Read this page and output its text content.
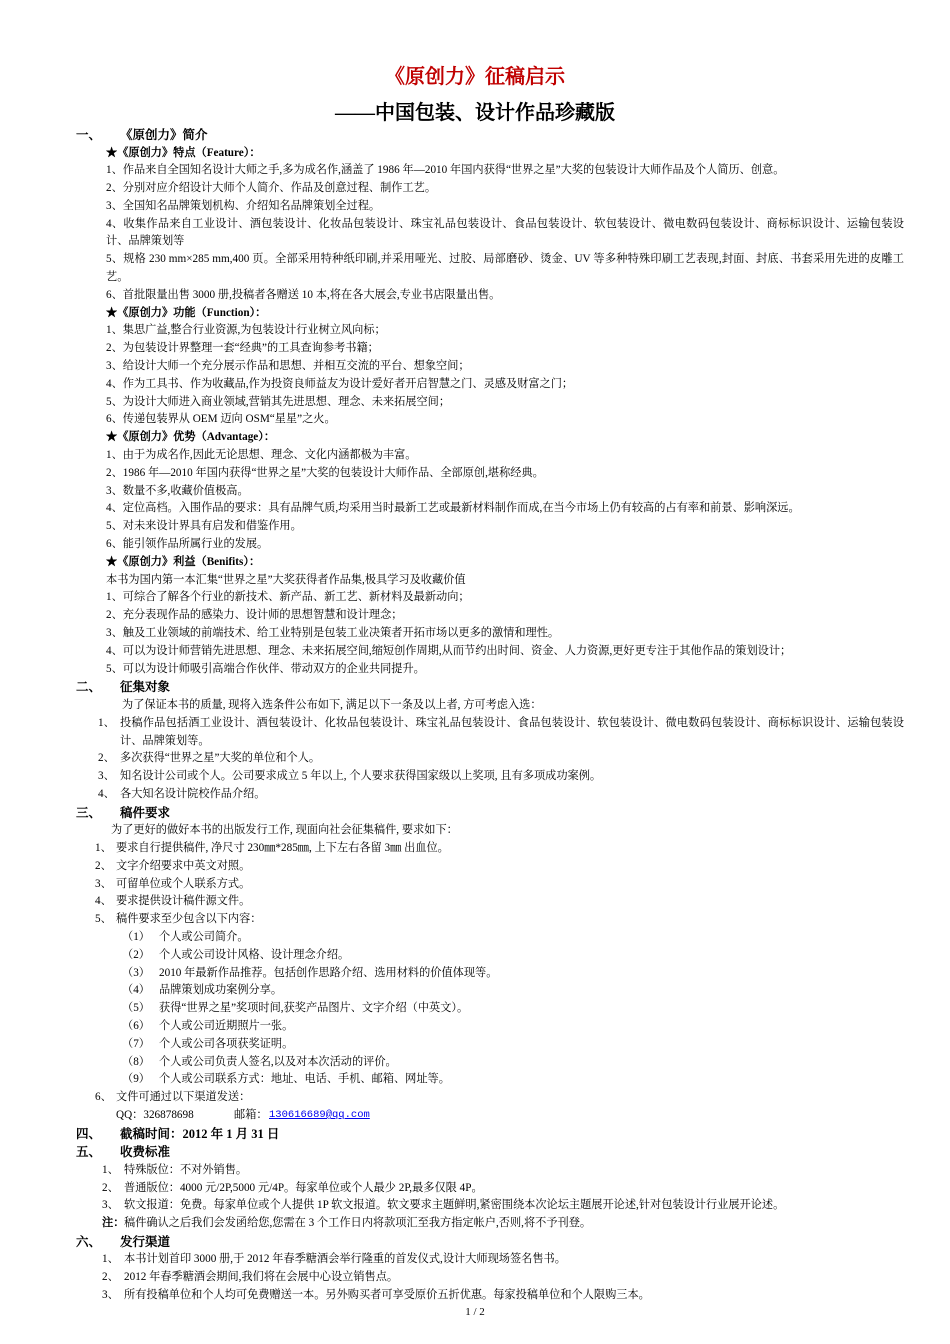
《原创力》征稿启示
——中国包装、设计作品珍藏版
一、 《原创力》简介
★《原创力》特点（Feature）：
1、作品来自全国知名设计大师之手,多为成名作,涵盖了 1986 年—2010 年国内获得“世界之星”大奖的包装设计大师作品及个人简历、创意。
2、分别对应介绍设计大师个人简介、作品及创意过程、制作工艺。
3、全国知名品牌策划机构、介绍知名品牌策划全过程。
4、收集作品来自工业设计、酒包装设计、化妆品包装设计、珠宝礼品包装设计、食品包装设计、软包装设计、微电数码包装设计、商标标识设计、运输包装设计、品牌策划等
5、规格 230 mm×285 mm,400 页。全部采用特种纸印刷,并采用哑光、过胶、局部磨砂、烫金、UV 等多种特殊印刷工艺表现,封面、封底、书套采用先进的皮雕工艺。
6、首批限量出售 3000 册,投稿者各赠送 10 本,将在各大展会,专业书店限量出售。
★《原创力》功能（Function）：
1、集思广益,整合行业资源,为包装设计行业树立风向标；
2、为包装设计界整理一套“经典”的工具查询参考书籍；
3、给设计大师一个充分展示作品和思想、并相互交流的平台、想象空间；
4、作为工具书、作为收藏品,作为投资良师益友为设计爱好者开启智慧之门、灵感及财富之门；
5、为设计大师进入商业领域,营销其先进思想、理念、未来拓展空间；
6、传递包装界从 OEM 迈向 OSM“星星”之火。
★《原创力》优势（Advantage）：
1、由于为成名作,因此无论思想、理念、文化内涵都极为丰富。
2、1986 年—2010 年国内获得“世界之星”大奖的包装设计大师作品、全部原创,堪称经典。
3、数量不多,收藏价值极高。
4、定位高档。入围作品的要求：具有品牌气质,均采用当时最新工艺或最新材料制作而成,在当今市场上仍有较高的占有率和前景、影响深远。
5、对未来设计界具有启发和借鉴作用。
6、能引领作品所属行业的发展。
★《原创力》利益（Benifits）：
本书为国内第一本汇集“世界之星”大奖获得者作品集,极具学习及收藏价值
1、可综合了解各个行业的新技术、新产品、新工艺、新材料及最新动向；
2、充分表现作品的感染力、设计师的思想智慧和设计理念；
3、触及工业领域的前端技术、给工业特别是包装工业决策者开拓市场以更多的激情和理性。
4、可以为设计师营销先进思想、理念、未来拓展空间,缩短创作周期,从而节约出时间、资金、人力资源,更好更专注于其他作品的策划设计；
5、可以为设计师吸引高端合作伙伴、带动双方的企业共同提升。
二、 征集对象
为了保证本书的质量, 现将入选条件公布如下, 满足以下一条及以上者, 方可考虑入选：
1、 投稿作品包括酒工业设计、酒包装设计、化妆品包装设计、珠宝礼品包装设计、食品包装设计、软包装设计、微电数码包装设计、商标标识设计、运输包装设计、品牌策划等。
2、 多次获得“世界之星”大奖的单位和个人。
3、 知名设计公司或个人。公司要求成立 5 年以上, 个人要求获得国家级以上奖项, 且有多项成功案例。
4、 各大知名设计院校作品介绍。
三、 稿件要求
为了更好的做好本书的出版发行工作, 现面向社会征集稿件, 要求如下：
1、 要求自行提供稿件, 净尺寸 230㎜*285㎜, 上下左右各留 3㎜ 出血位。
2、 文字介绍要求中英文对照。
3、 可留单位或个人联系方式。
4、 要求提供设计稿件源文件。
5、 稿件要求至少包含以下内容：
（1） 个人或公司简介。
（2） 个人或公司设计风格、设计理念介绍。
（3） 2010 年最新作品推荐。包括创作思路介绍、选用材料的价值体现等。
（4） 品牌策划成功案例分享。
（5） 获得“世界之星”奖项时间,获奖产品图片、文字介绍（中英文）。
（6） 个人或公司近期照片一张。
（7） 个人或公司各项获奖证明。
（8） 个人或公司负责人签名,以及对本次活动的评价。
（9） 个人或公司联系方式：地址、电话、手机、邮箱、网址等。
6、 文件可通过以下渠道发送：
QQ：326878698	邮箱： 130616689@qq.com
四、 截稿时间：2012 年 1 月 31 日
五、 收费标准
1、 特殊版位：不对外销售。
2、 普通版位：4000 元/2P,5000 元/4P。每家单位或个人最少 2P,最多仅限 4P。
3、 软文报道：免费。每家单位或个人提供 1P 软文报道。软文要求主题鲜明,紧密围绕本次论坛主题展开论述,针对包装设计行业展开论述。
注： 稿件确认之后我们会发函给您,您需在 3 个工作日内将款项汇至我方指定帐户,否则,将不予刊登。
六、 发行渠道
1、 本书计划首印 3000 册,于 2012 年春季糖酒会举行隆重的首发仪式,设计大师现场签名售书。
2、 2012 年春季糖酒会期间,我们将在会展中心设立销售点。
3、 所有投稿单位和个人均可免费赠送一本。另外购买者可享受原价五折优惠。每家投稿单位和个人限购三本。
1 / 2
